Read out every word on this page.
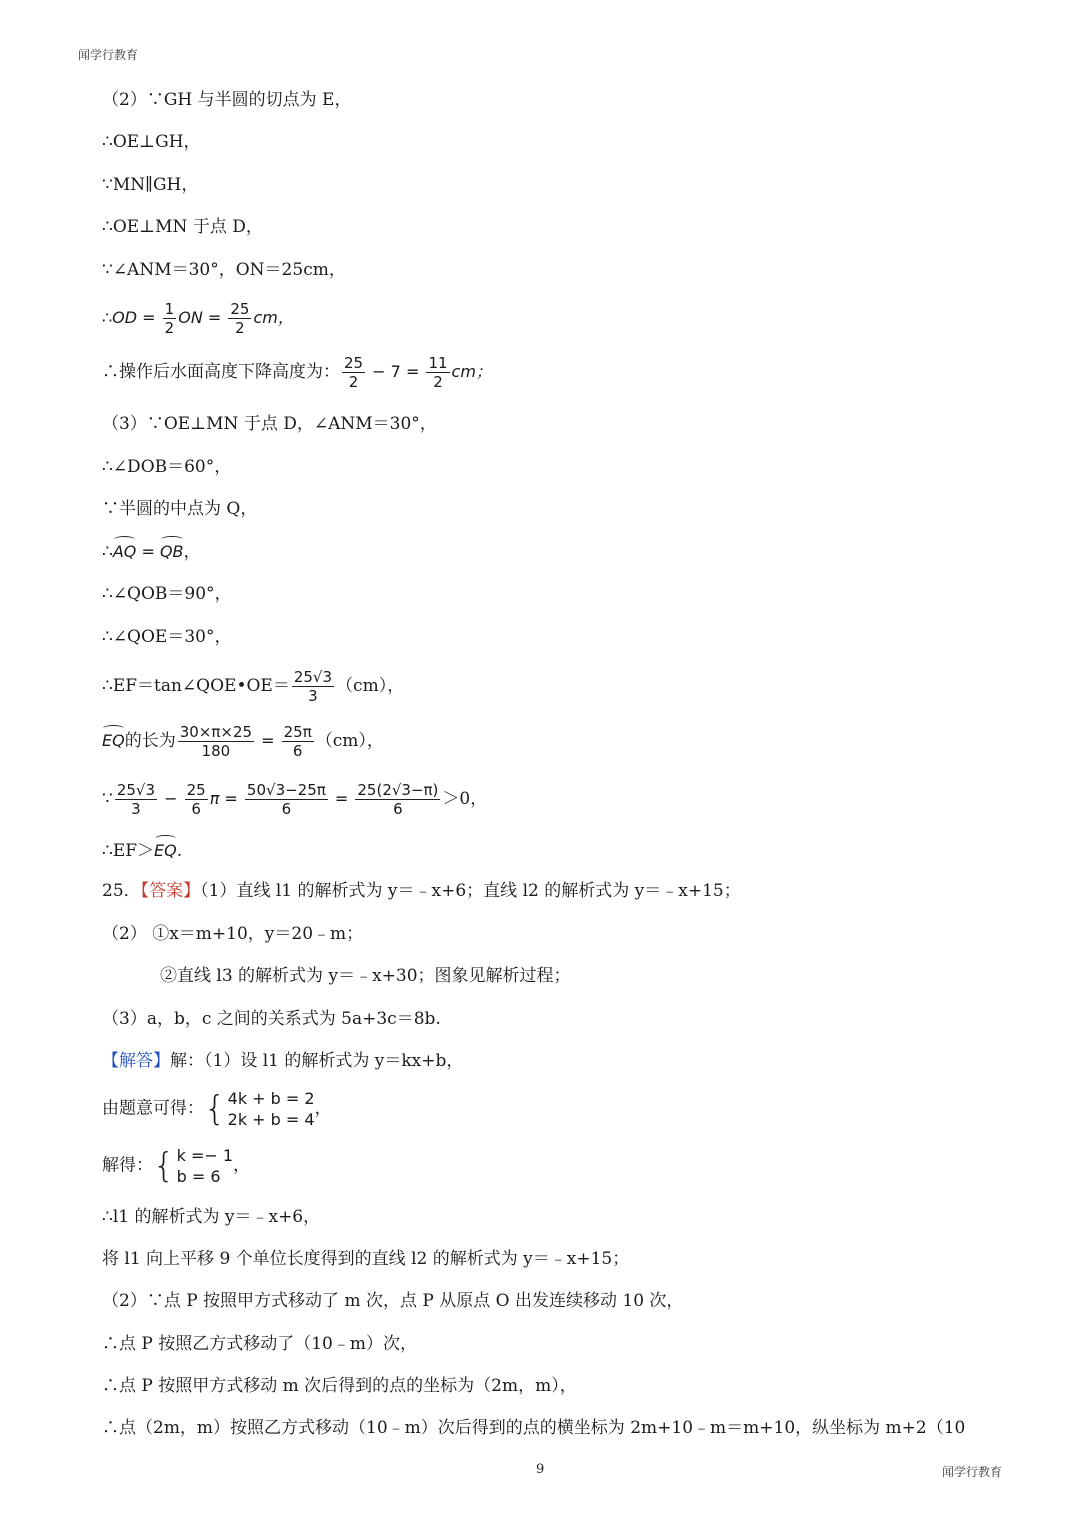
闻学行教育
（2）∵GH 与半圆的切点为 E，
∴OE⊥GH，
∵MN∥GH，
∴OE⊥MN 于点 D，
∵∠ANM＝30°，ON＝25cm，
∴OD = $\frac{1}{2}$ ON = $\frac{25}{2}$ cm，
∴操作后水面高度下降高度为： $\frac{25}{2} - 7 = \frac{11}{2}$ cm；
（3）∵OE⊥MN 于点 D，∠ANM＝30°，
∴∠DOB＝60°，
∵半圆的中点为 Q，
∴AQ = QB，
∴∠QOB＝90°，
∴∠QOE＝30°，
∴EF＝tan∠QOE•OE＝ $\frac{25√3}{3} (cm)$，
EQ的长为 $\frac{30\times\pi\times 25}{180} = \frac{25\pi}{6} (cm)$，
∵ $\frac{25√3}{3} - \frac{25}{6}$ $\pi = \frac{50√3-25\pi}{6} = \frac{25(2√3-\pi)}{6} >0$，
∴EF＞EQ.
25．【答案】（1）直线 l1 的解析式为 y＝﹣x+6；直线 l2 的解析式为 y＝﹣x+15；
（2） ①x＝m+10，y＝20﹣m；
②直线 l3 的解析式为 y＝﹣x+30；图象见解析过程；
（3）a，b，c 之间的关系式为 5a+3c＝8b.
【解答】解：（1）设 l1 的解析式为 y＝kx+b，
由题意可得： { 4k + b = 2
2k + b = 4
，
解得： { k =− 1
b = 6
，
∴l1 的解析式为 y＝﹣x+6，
将 l1 向上平移 9 个单位长度得到的直线 l2 的解析式为 y＝﹣x+15；
（2）∵点 P 按照甲方式移动了 m 次，点 P 从原点 O 出发连续移动 10 次，
∴点 P 按照乙方式移动了（10﹣m）次，
∴点 P 按照甲方式移动 m 次后得到的点的坐标为（2m，m），
∴点（2m，m）按照乙方式移动（10﹣m）次后得到的点的横坐标为 2m+10﹣m＝m+10，纵坐标为 m+2（10
9	闻学行教育
